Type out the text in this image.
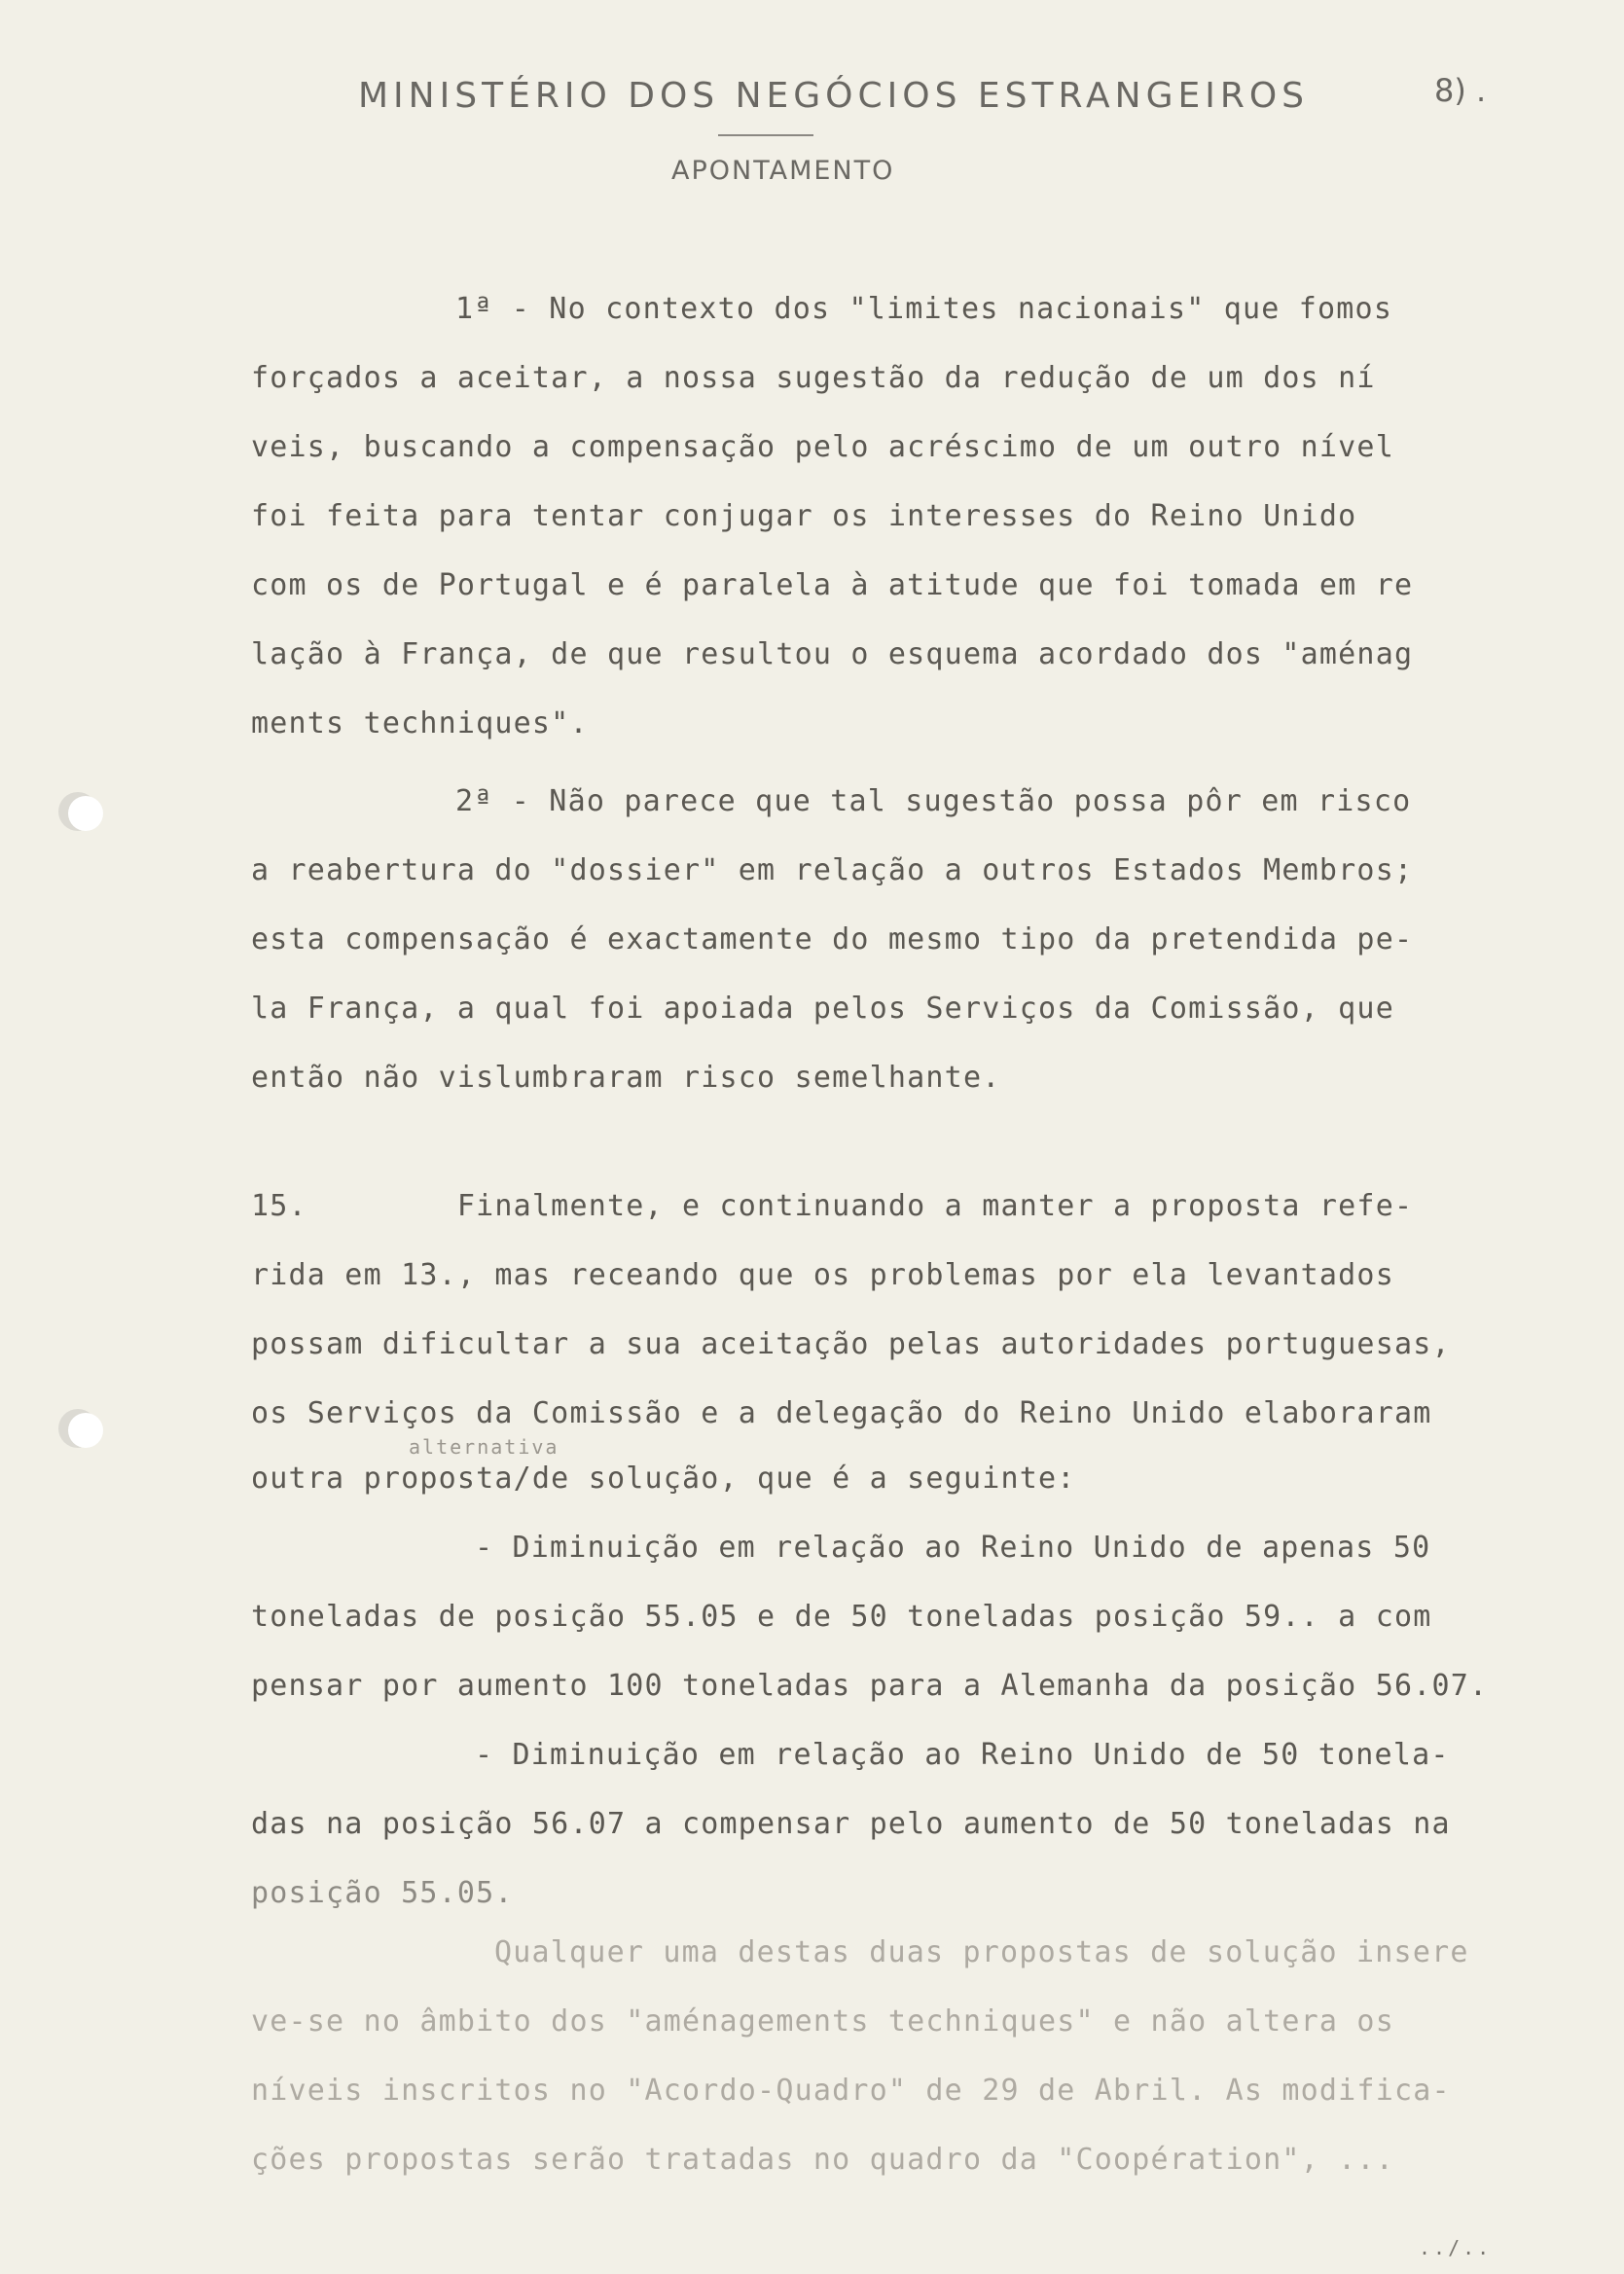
MINISTÉRIO DOS NEGÓCIOS ESTRANGEIROS	8) .
APONTAMENTO
1ª - No contexto dos "limites nacionais" que fomos
forçados a aceitar, a nossa sugestão da redução de um dos ní
veis, buscando a compensação pelo acréscimo de um outro nível
foi feita para tentar conjugar os interesses do Reino Unido
com os de Portugal e é paralela à atitude que foi tomada em re
lação à França, de que resultou o esquema acordado dos "aménag
ments techniques".
2ª - Não parece que tal sugestão possa pôr em risco
a reabertura do "dossier" em relação a outros Estados Membros;
esta compensação é exactamente do mesmo tipo da pretendida pe-
la França, a qual foi apoiada pelos Serviços da Comissão, que
então não vislumbraram risco semelhante.
15.        Finalmente, e continuando a manter a proposta refe-
rida em 13., mas receando que os problemas por ela levantados
possam dificultar a sua aceitação pelas autoridades portuguesas,
os Serviços da Comissão e a delegação do Reino Unido elaboraram
alternativa
outra proposta/de solução, que é a seguinte:
- Diminuição em relação ao Reino Unido de apenas 50
toneladas de posição 55.05 e de 50 toneladas posição 59.. a com
pensar por aumento 100 toneladas para a Alemanha da posição 56.07.
- Diminuição em relação ao Reino Unido de 50 tonela-
das na posição 56.07 a compensar pelo aumento de 50 toneladas na
posição 55.05.
Qualquer uma destas duas propostas de solução insere
ve-se no âmbito dos "aménagements techniques" e não altera os
níveis inscritos no "Acordo-Quadro" de 29 de Abril. As modifica-
ções propostas serão tratadas no quadro da "Coopération", ...
../..
